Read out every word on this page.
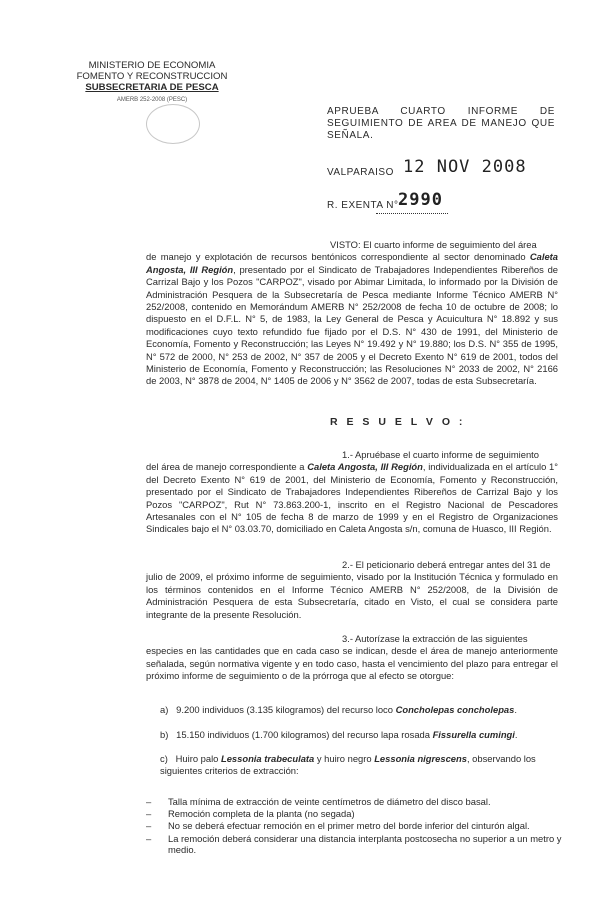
MINISTERIO DE ECONOMIA
FOMENTO Y RECONSTRUCCION
SUBSECRETARIA DE PESCA
AMERB 252-2008 (PESC)
APRUEBA CUARTO INFORME DE SEGUIMIENTO DE AREA DE MANEJO QUE SEÑALA.
VALPARAISO 12 NOV 2008
R. EXENTA N° 2990

VISTO: El cuarto informe de seguimiento del área

de manejo y explotación de recursos bentónicos correspondiente al sector denominado Caleta Angosta, III Región, presentado por el Sindicato de Trabajadores Independientes Ribereños de Carrizal Bajo y los Pozos "CARPOZ", visado por Abimar Limitada, lo informado por la División de Administración Pesquera de la Subsecretaría de Pesca mediante Informe Técnico AMERB N° 252/2008, contenido en Memorándum AMERB N° 252/2008 de fecha 10 de octubre de 2008; lo dispuesto en el D.F.L. N° 5, de 1983, la Ley General de Pesca y Acuicultura N° 18.892 y sus modificaciones cuyo texto refundido fue fijado por el D.S. N° 430 de 1991, del Ministerio de Economía, Fomento y Reconstrucción; las Leyes N° 19.492 y N° 19.880; los D.S. N° 355 de 1995, N° 572 de 2000, N° 253 de 2002, N° 357 de 2005 y el Decreto Exento N° 619 de 2001, todos del Ministerio de Economía, Fomento y Reconstrucción; las Resoluciones N° 2033 de 2002, N° 2166 de 2003, N° 3878 de 2004, N° 1405 de 2006 y N° 3562 de 2007, todas de esta Subsecretaría.

R E S U E L V O :

1.- Apruébase el cuarto informe de seguimiento

del área de manejo correspondiente a Caleta Angosta, III Región, individualizada en el artículo 1° del Decreto Exento N° 619 de 2001, del Ministerio de Economía, Fomento y Reconstrucción, presentado por el Sindicato de Trabajadores Independientes Ribereños de Carrizal Bajo y los Pozos "CARPOZ", Rut N° 73.863.200-1, inscrito en el Registro Nacional de Pescadores Artesanales con el N° 105 de fecha 8 de marzo de 1999 y en el Registro de Organizaciones Sindicales bajo el N° 03.03.70, domiciliado en Caleta Angosta s/n, comuna de Huasco, III Región.

2.- El peticionario deberá entregar antes del 31 de

julio de 2009, el próximo informe de seguimiento, visado por la Institución Técnica y formulado en los términos contenidos en el Informe Técnico AMERB N° 252/2008, de la División de Administración Pesquera de esta Subsecretaría, citado en Visto, el cual se considera parte integrante de la presente Resolución.

3.- Autorízase la extracción de las siguientes

especies en las cantidades que en cada caso se indican, desde el área de manejo anteriormente señalada, según normativa vigente y en todo caso, hasta el vencimiento del plazo para entregar el próximo informe de seguimiento o de la prórroga que al efecto se otorgue:

a) 9.200 individuos (3.135 kilogramos) del recurso loco Concholepas concholepas.
b) 15.150 individuos (1.700 kilogramos) del recurso lapa rosada Fissurella cumingi.
c) Huiro palo Lessonia trabeculata y huiro negro Lessonia nigrescens, observando los siguientes criterios de extracción:
– Talla mínima de extracción de veinte centímetros de diámetro del disco basal.
– Remoción completa de la planta (no segada)
– No se deberá efectuar remoción en el primer metro del borde inferior del cinturón algal.
– La remoción deberá considerar una distancia interplanta postcosecha no superior a un metro y medio.
